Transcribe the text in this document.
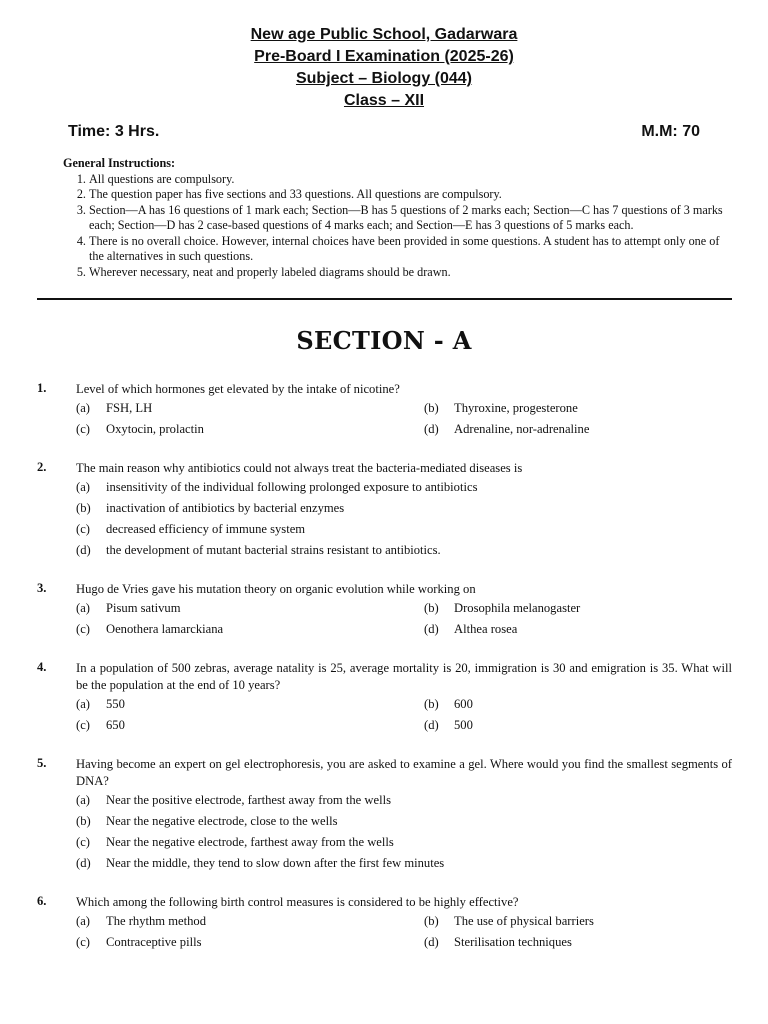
New age Public School, Gadarwara
Pre-Board I Examination (2025-26)
Subject – Biology (044)
Class – XII
Time: 3 Hrs.	M.M: 70
General Instructions:
1. All questions are compulsory.
2. The question paper has five sections and 33 questions. All questions are compulsory.
3. Section—A has 16 questions of 1 mark each; Section—B has 5 questions of 2 marks each; Section—C has 7 questions of 3 marks each; Section—D has 2 case-based questions of 4 marks each; and Section—E has 3 questions of 5 marks each.
4. There is no overall choice. However, internal choices have been provided in some questions. A student has to attempt only one of the alternatives in such questions.
5. Wherever necessary, neat and properly labeled diagrams should be drawn.
SECTION - A
1. Level of which hormones get elevated by the intake of nicotine?
(a)	FSH, LH	(b)	Thyroxine, progesterone
(c)	Oxytocin, prolactin	(d)	Adrenaline, nor-adrenaline
2. The main reason why antibiotics could not always treat the bacteria-mediated diseases is
(a)	insensitivity of the individual following prolonged exposure to antibiotics
(b)	inactivation of antibiotics by bacterial enzymes
(c)	decreased efficiency of immune system
(d)	the development of mutant bacterial strains resistant to antibiotics.
3. Hugo de Vries gave his mutation theory on organic evolution while working on
(a)	Pisum sativum	(b)	Drosophila melanogaster
(c)	Oenothera lamarckiana	(d)	Althea rosea
4. In a population of 500 zebras, average natality is 25, average mortality is 20, immigration is 30 and emigration is 35. What will be the population at the end of 10 years?
(a)	550	(b)	600
(c)	650	(d)	500
5. Having become an expert on gel electrophoresis, you are asked to examine a gel. Where would you find the smallest segments of DNA?
(a)	Near the positive electrode, farthest away from the wells
(b)	Near the negative electrode, close to the wells
(c)	Near the negative electrode, farthest away from the wells
(d)	Near the middle, they tend to slow down after the first few minutes
6. Which among the following birth control measures is considered to be highly effective?
(a)	The rhythm method	(b)	The use of physical barriers
(c)	Contraceptive pills	(d)	Sterilisation techniques
